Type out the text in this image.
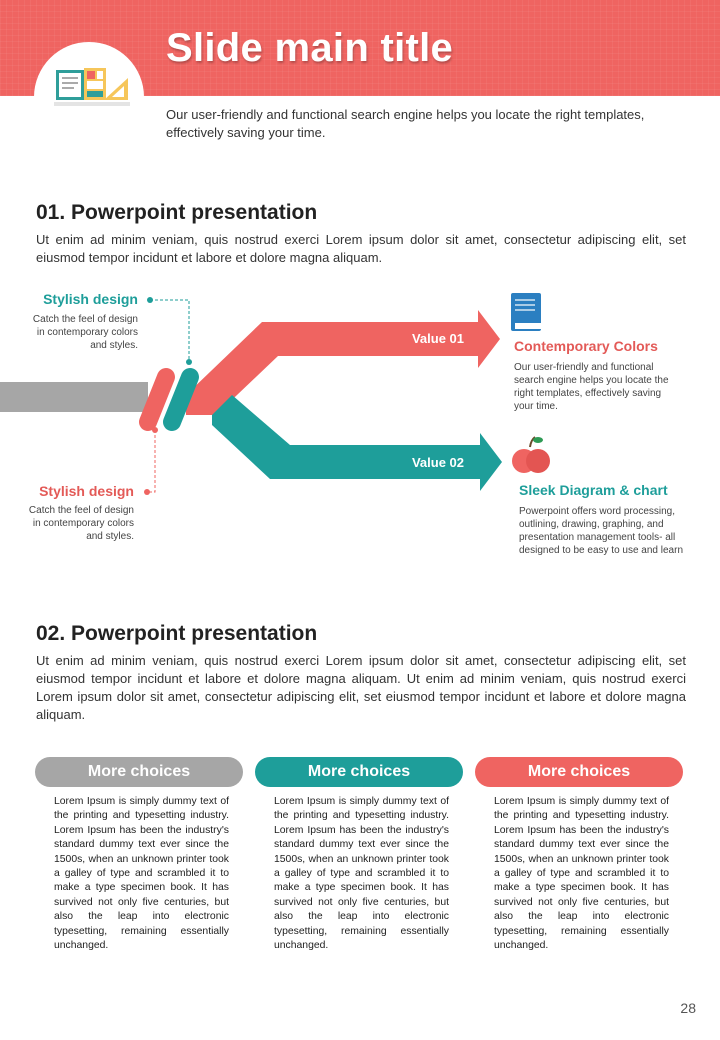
Slide main title
Our user-friendly and functional search engine helps you locate the right templates, effectively saving your time.
01. Powerpoint presentation
Ut enim ad minim veniam, quis nostrud exerci Lorem ipsum dolor sit amet, consectetur adipiscing elit, set eiusmod tempor incidunt et labore et dolore magna aliquam.
Value 01
Value 02
Stylish design
Catch the feel of design in contemporary colors and styles.
Stylish design
Catch the feel of design in contemporary colors and styles.
Contemporary Colors
Our user-friendly and functional search engine helps you locate the right templates, effectively saving your time.
Sleek Diagram & chart
Powerpoint offers word processing, outlining, drawing, graphing, and presentation management tools- all designed to be easy to use and learn
02. Powerpoint presentation
Ut enim ad minim veniam, quis nostrud exerci Lorem ipsum dolor sit amet, consectetur adipiscing elit, set eiusmod tempor incidunt et labore et dolore magna aliquam. Ut enim ad minim veniam, quis nostrud exerci Lorem ipsum dolor sit amet, consectetur adipiscing elit, set eiusmod tempor incidunt et labore et dolore magna aliquam.
More choices	More choices	More choices
Lorem Ipsum is simply dummy text of the printing and typesetting industry. Lorem Ipsum has been the industry's standard dummy text ever since the 1500s, when an unknown printer took a galley of type and scrambled it to make a type specimen book. It has survived not only five centuries, but also the leap into electronic typesetting, remaining essentially unchanged.
Lorem Ipsum is simply dummy text of the printing and typesetting industry. Lorem Ipsum has been the industry's standard dummy text ever since the 1500s, when an unknown printer took a galley of type and scrambled it to make a type specimen book. It has survived not only five centuries, but also the leap into electronic typesetting, remaining essentially unchanged.
Lorem Ipsum is simply dummy text of the printing and typesetting industry. Lorem Ipsum has been the industry's standard dummy text ever since the 1500s, when an unknown printer took a galley of type and scrambled it to make a type specimen book. It has survived not only five centuries, but also the leap into electronic typesetting, remaining essentially unchanged.
28
